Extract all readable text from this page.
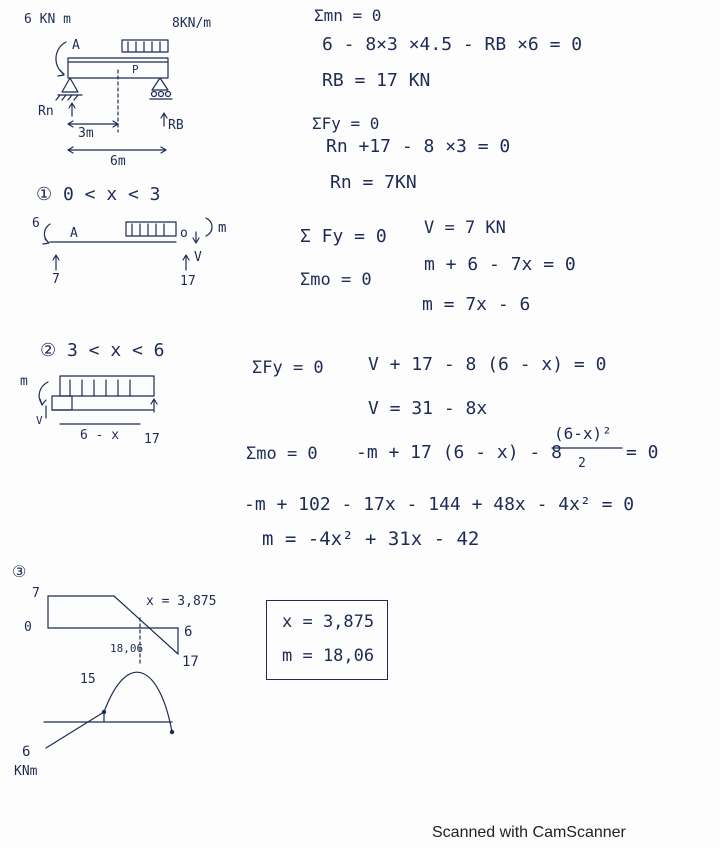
6 KN m	8KN/m
A
P
Rn
RB
3m
6m
Σmn = 0
6 - 8×3 ×4.5 - RB ×6 = 0
RB = 17 KN
ΣFy = 0
Rn +17 - 8 ×3 = 0
Rn = 7KN
① 0 < x < 3
6
A	o m
V
7	17
Σ Fy = 0 V = 7 KN
Σmo = 0
m + 6 - 7x = 0
m = 7x - 6
② 3 < x < 6
m
V
6 - x 17
ΣFy = 0 V + 17 - 8 (6 - x) = 0
V = 31 - 8x
Σmo = 0 -m + 17 (6 - x) - 8
(6-x)²
2
= 0
-m + 102 - 17x - 144 + 48x - 4x² = 0
m = -4x² + 31x - 42
③
7
0
x = 3,875
6
17
18,06
15
6
KNm
x = 3,875
m = 18,06
Scanned with CamScanner
